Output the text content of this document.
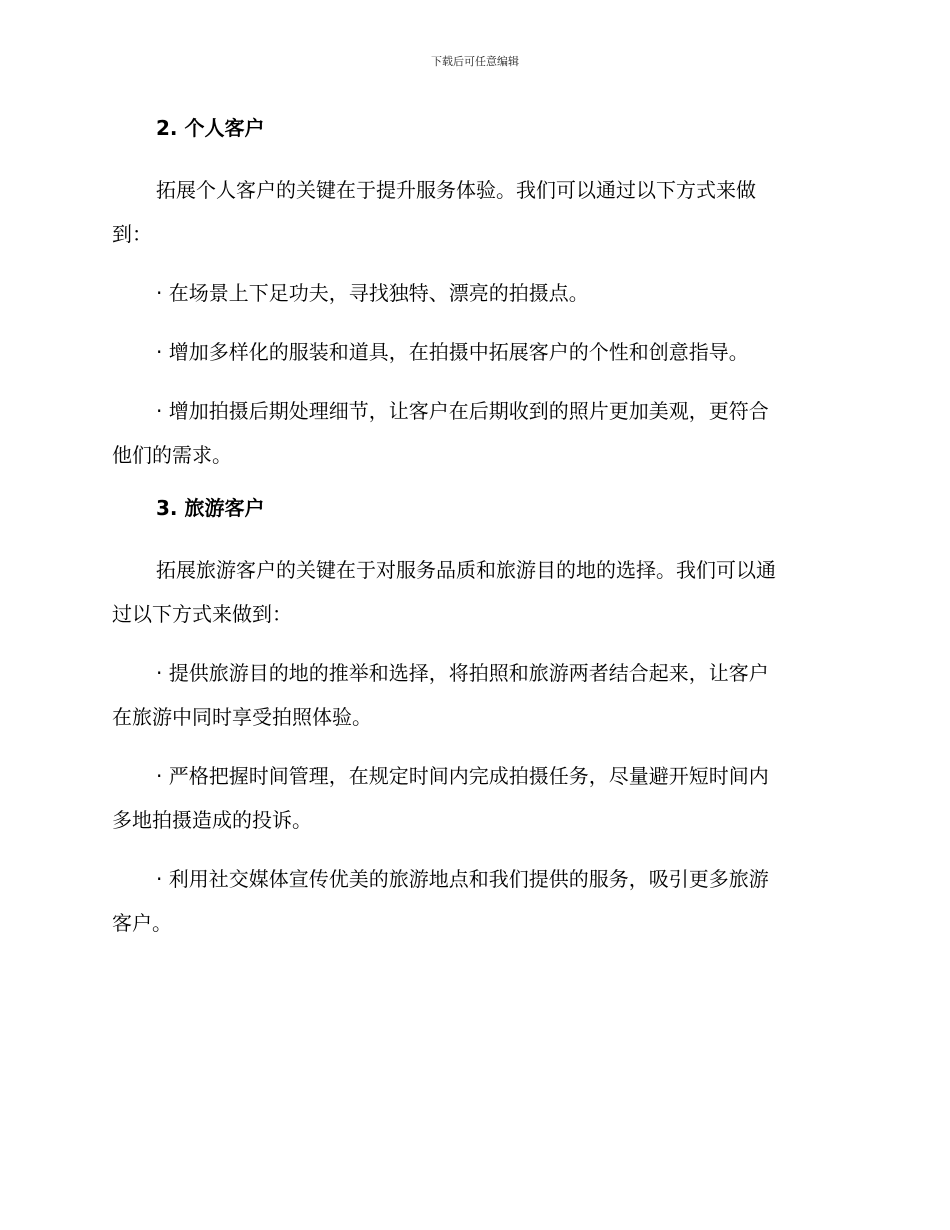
下载后可任意编辑
2. 个人客户

拓展个人客户的关键在于提升服务体验。我们可以通过以下方式来做
到：

· 在场景上下足功夫，寻找独特、漂亮的拍摄点。

· 增加多样化的服装和道具，在拍摄中拓展客户的个性和创意指导。

· 增加拍摄后期处理细节，让客户在后期收到的照片更加美观，更符合
他们的需求。

3. 旅游客户

拓展旅游客户的关键在于对服务品质和旅游目的地的选择。我们可以通
过以下方式来做到：

· 提供旅游目的地的推举和选择，将拍照和旅游两者结合起来，让客户
在旅游中同时享受拍照体验。

· 严格把握时间管理，在规定时间内完成拍摄任务，尽量避开短时间内
多地拍摄造成的投诉。

· 利用社交媒体宣传优美的旅游地点和我们提供的服务，吸引更多旅游
客户。
